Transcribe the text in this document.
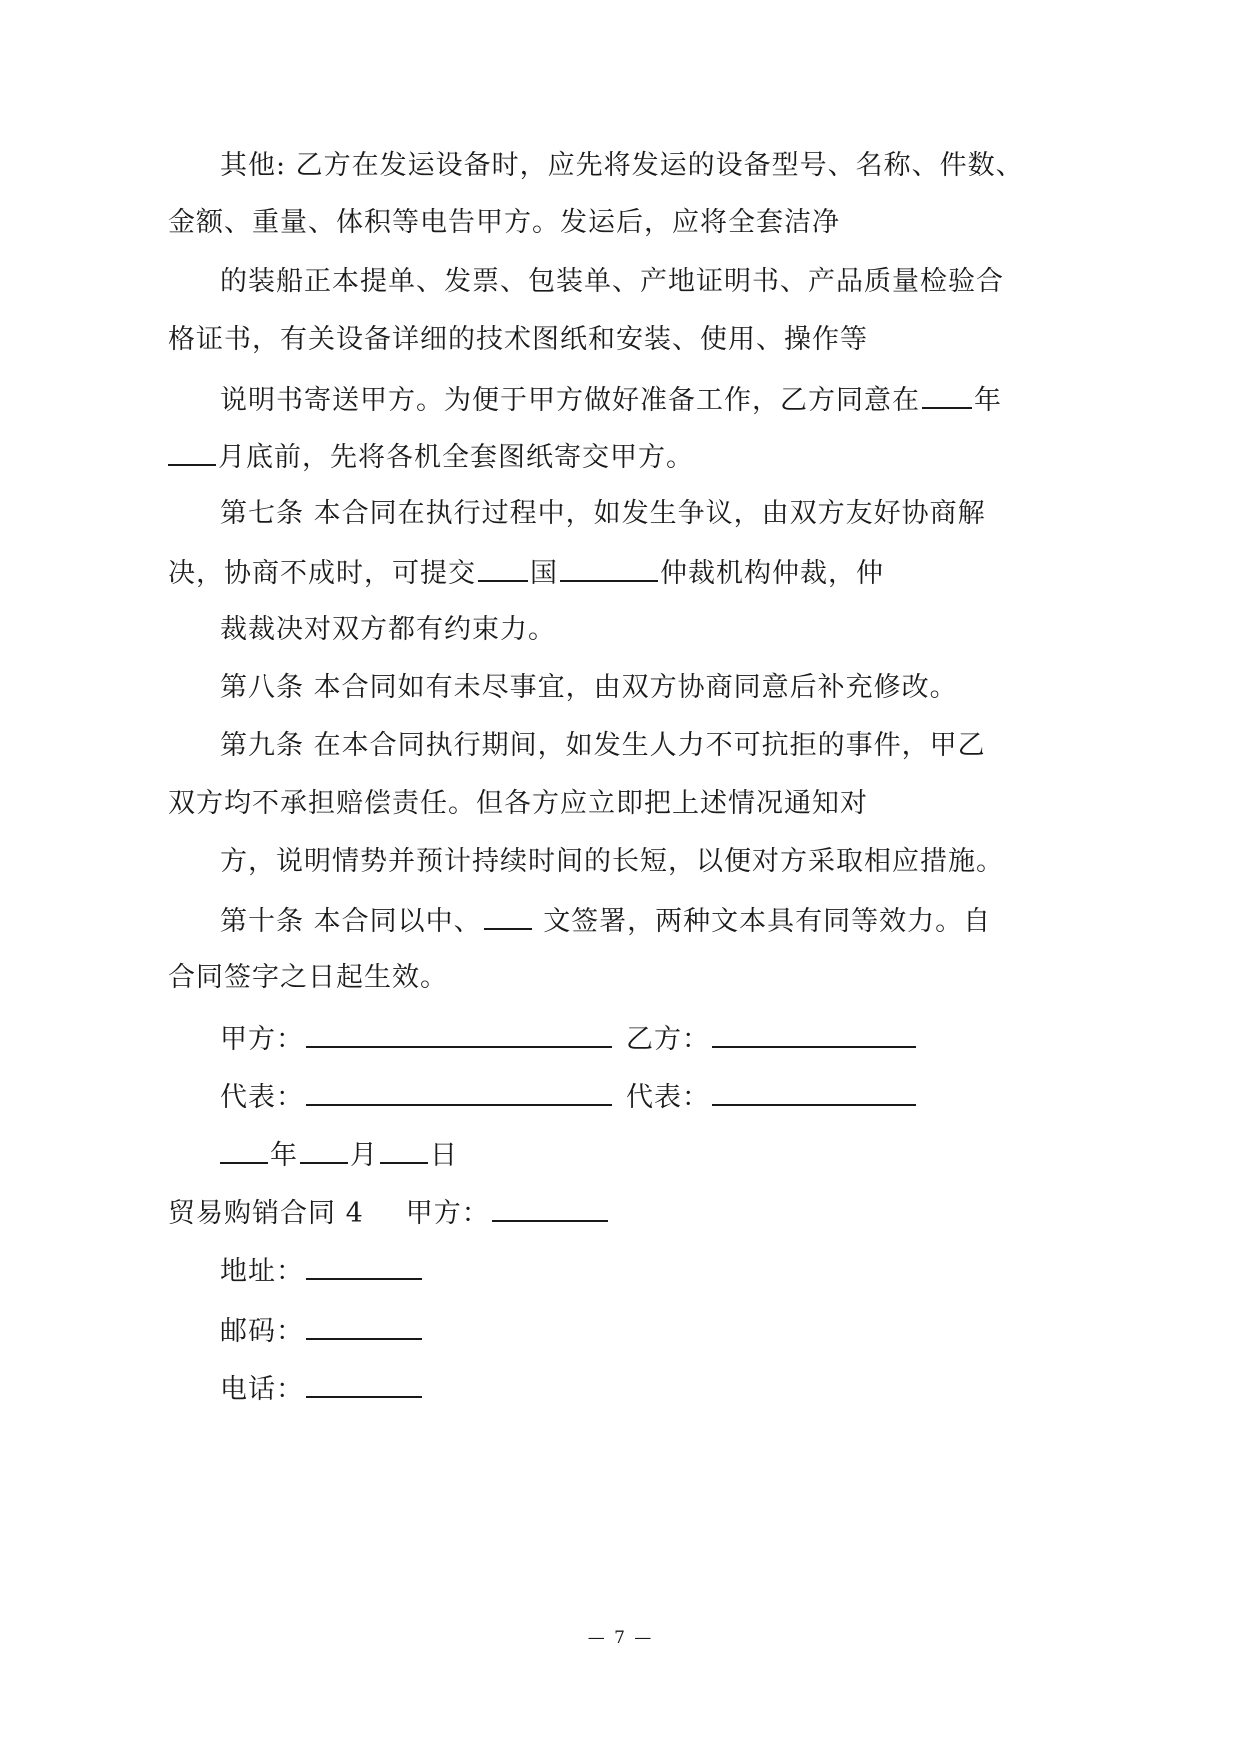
其他: 乙方在发运设备时，应先将发运的设备型号、名称、件数、
金额、重量、体积等电告甲方。发运后，应将全套洁净
的装船正本提单、发票、包装单、产地证明书、产品质量检验合
格证书，有关设备详细的技术图纸和安装、使用、操作等
说明书寄送甲方。为便于甲方做好准备工作，乙方同意在 年
月底前，先将各机全套图纸寄交甲方。
第七条 本合同在执行过程中，如发生争议，由双方友好协商解
决，协商不成时，可提交 国	仲裁机构仲裁，仲
裁裁决对双方都有约束力。
第八条 本合同如有未尽事宜，由双方协商同意后补充修改。
第九条 在本合同执行期间，如发生人力不可抗拒的事件，甲乙
双方均不承担赔偿责任。但各方应立即把上述情况通知对
方，说明情势并预计持续时间的长短，以便对方采取相应措施。
第十条 本合同以中、 文签署，两种文本具有同等效力。自
合同签字之日起生效。
甲方：	乙方：
代表：	代表：
年 月 日
贸易购销合同 4 甲方：
地址：
邮码：
电话：
— 7 —
